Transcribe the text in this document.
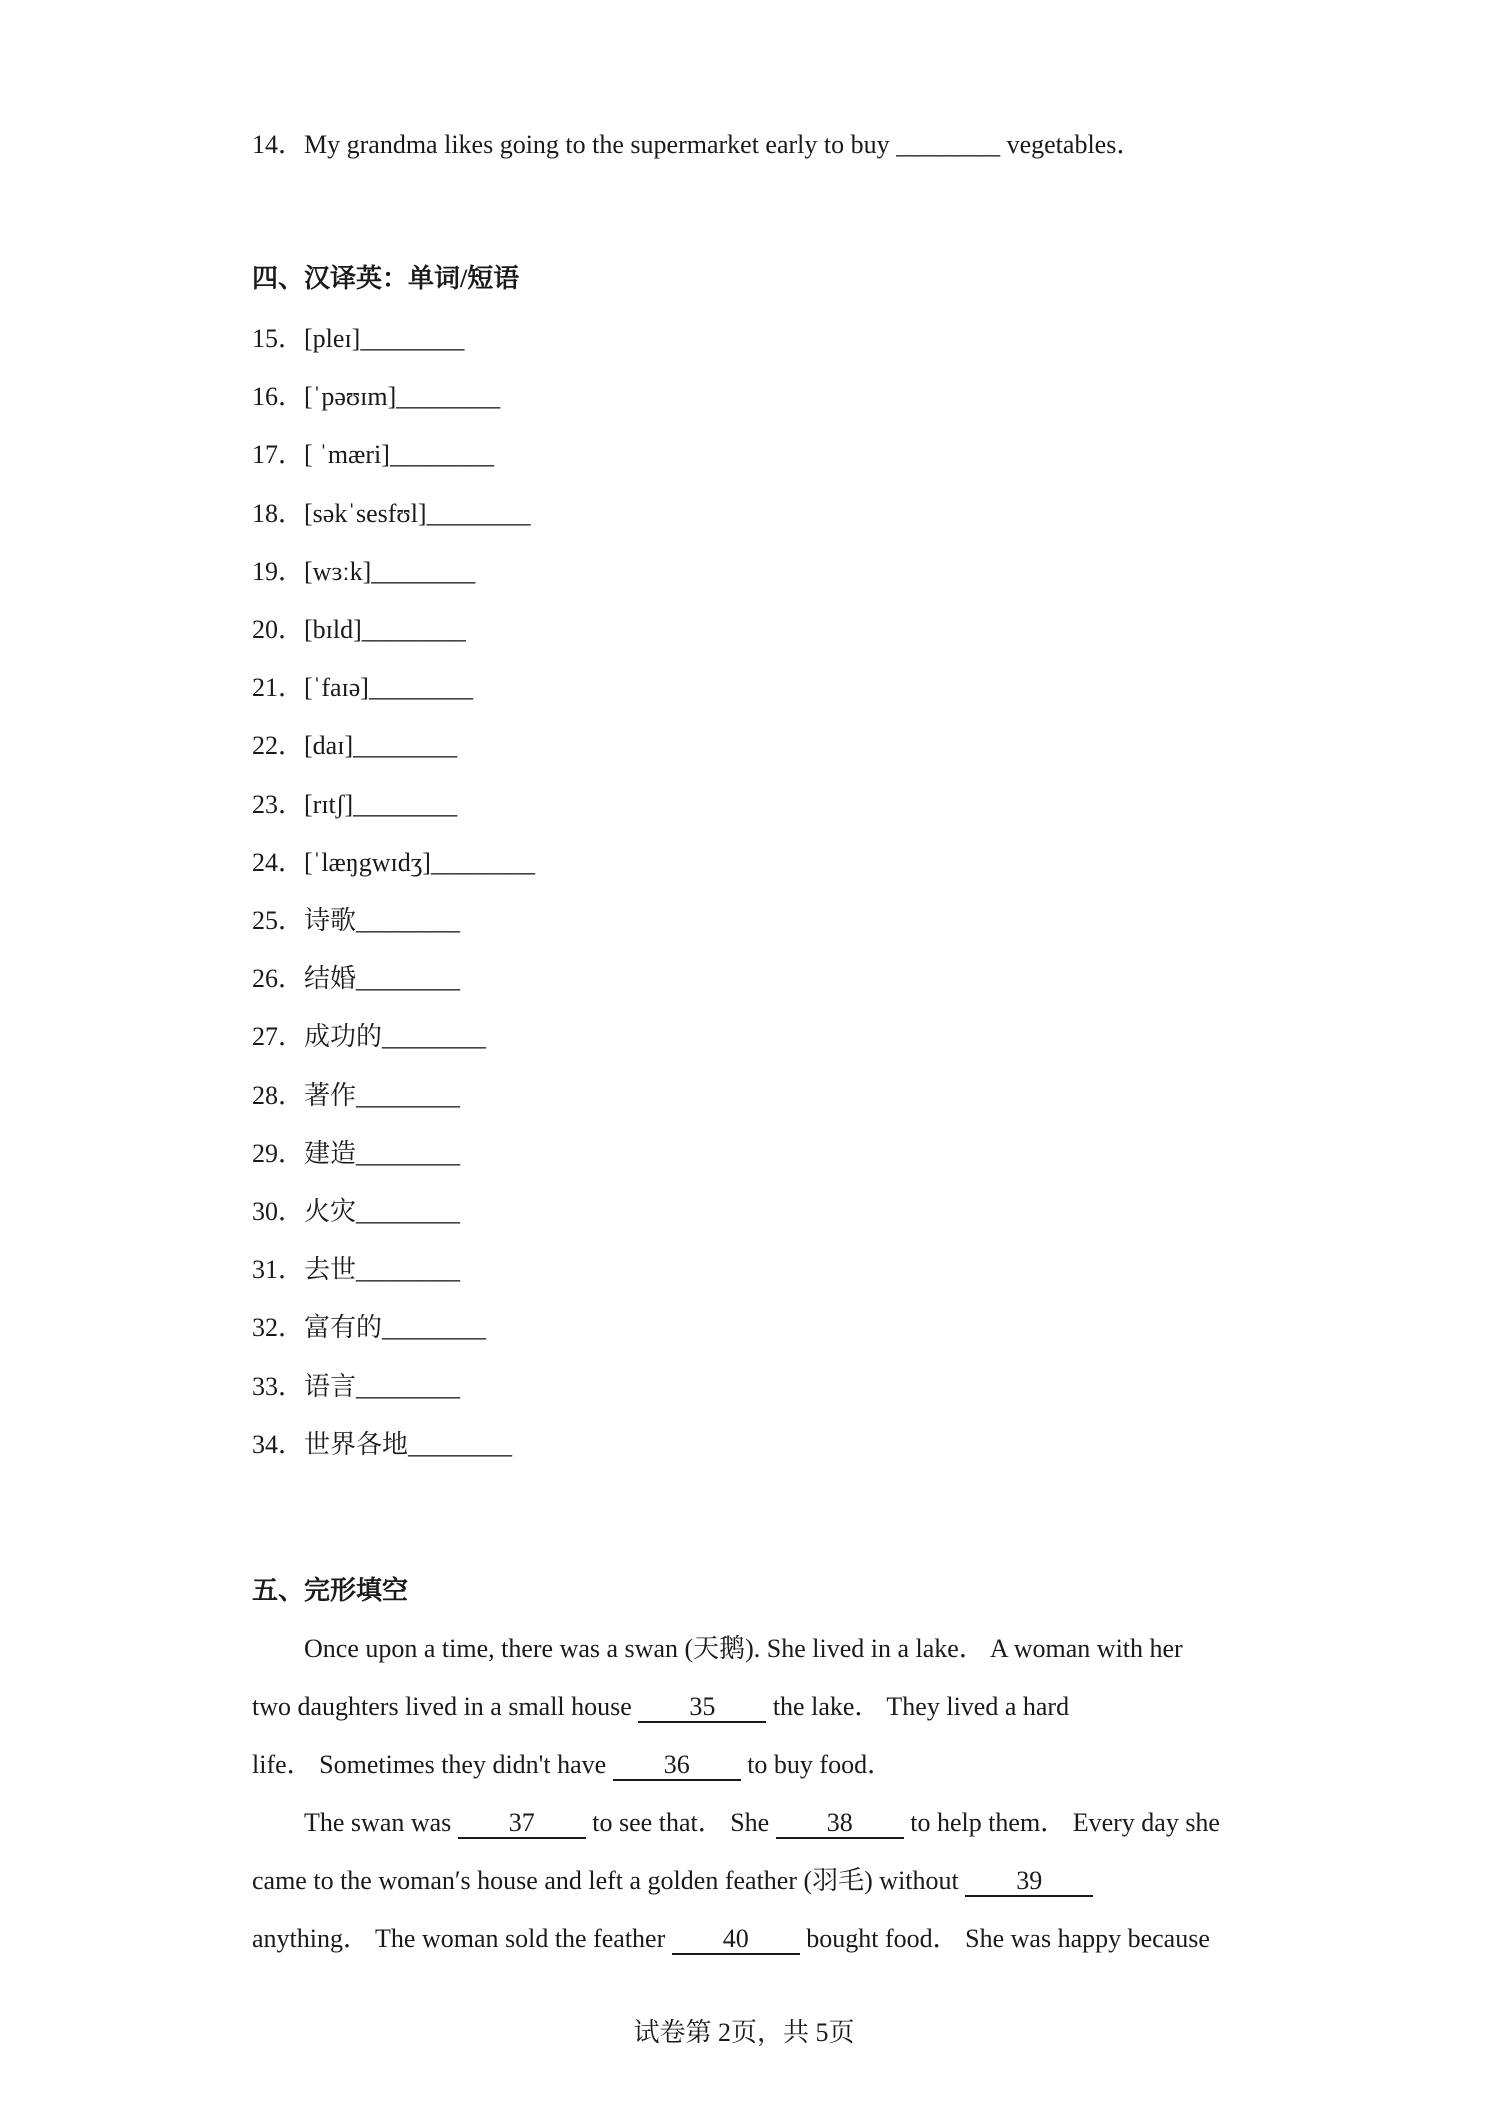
14．My grandma likes going to the supermarket early to buy ________ vegetables．
四、汉译英：单词/短语
15．[pleɪ]________
16．[ˈpəʊɪm]________
17．[ ˈmæri]________
18．[səkˈsesfʊl]________
19．[wɜːk]________
20．[bɪld]________
21．[ˈfaɪə]________
22．[daɪ]________
23．[rɪtʃ]________
24．[ˈlæŋgwɪdʒ]________
25．诗歌________
26．结婚________
27．成功的________
28．著作________
29．建造________
30．火灾________
31．去世________
32．富有的________
33．语言________
34．世界各地________
五、完形填空
Once upon a time, there was a swan (天鹅). She lived in a lake． A woman with her
two daughters lived in a small house 35 the lake． They lived a hard
life． Sometimes they didn't have 36 to buy food．
The swan was 37 to see that． She 38 to help them． Every day she
came to the woman′s house and left a golden feather (羽毛) without 39
anything． The woman sold the feather 40 bought food． She was happy because
试卷第 2页，共 5页
